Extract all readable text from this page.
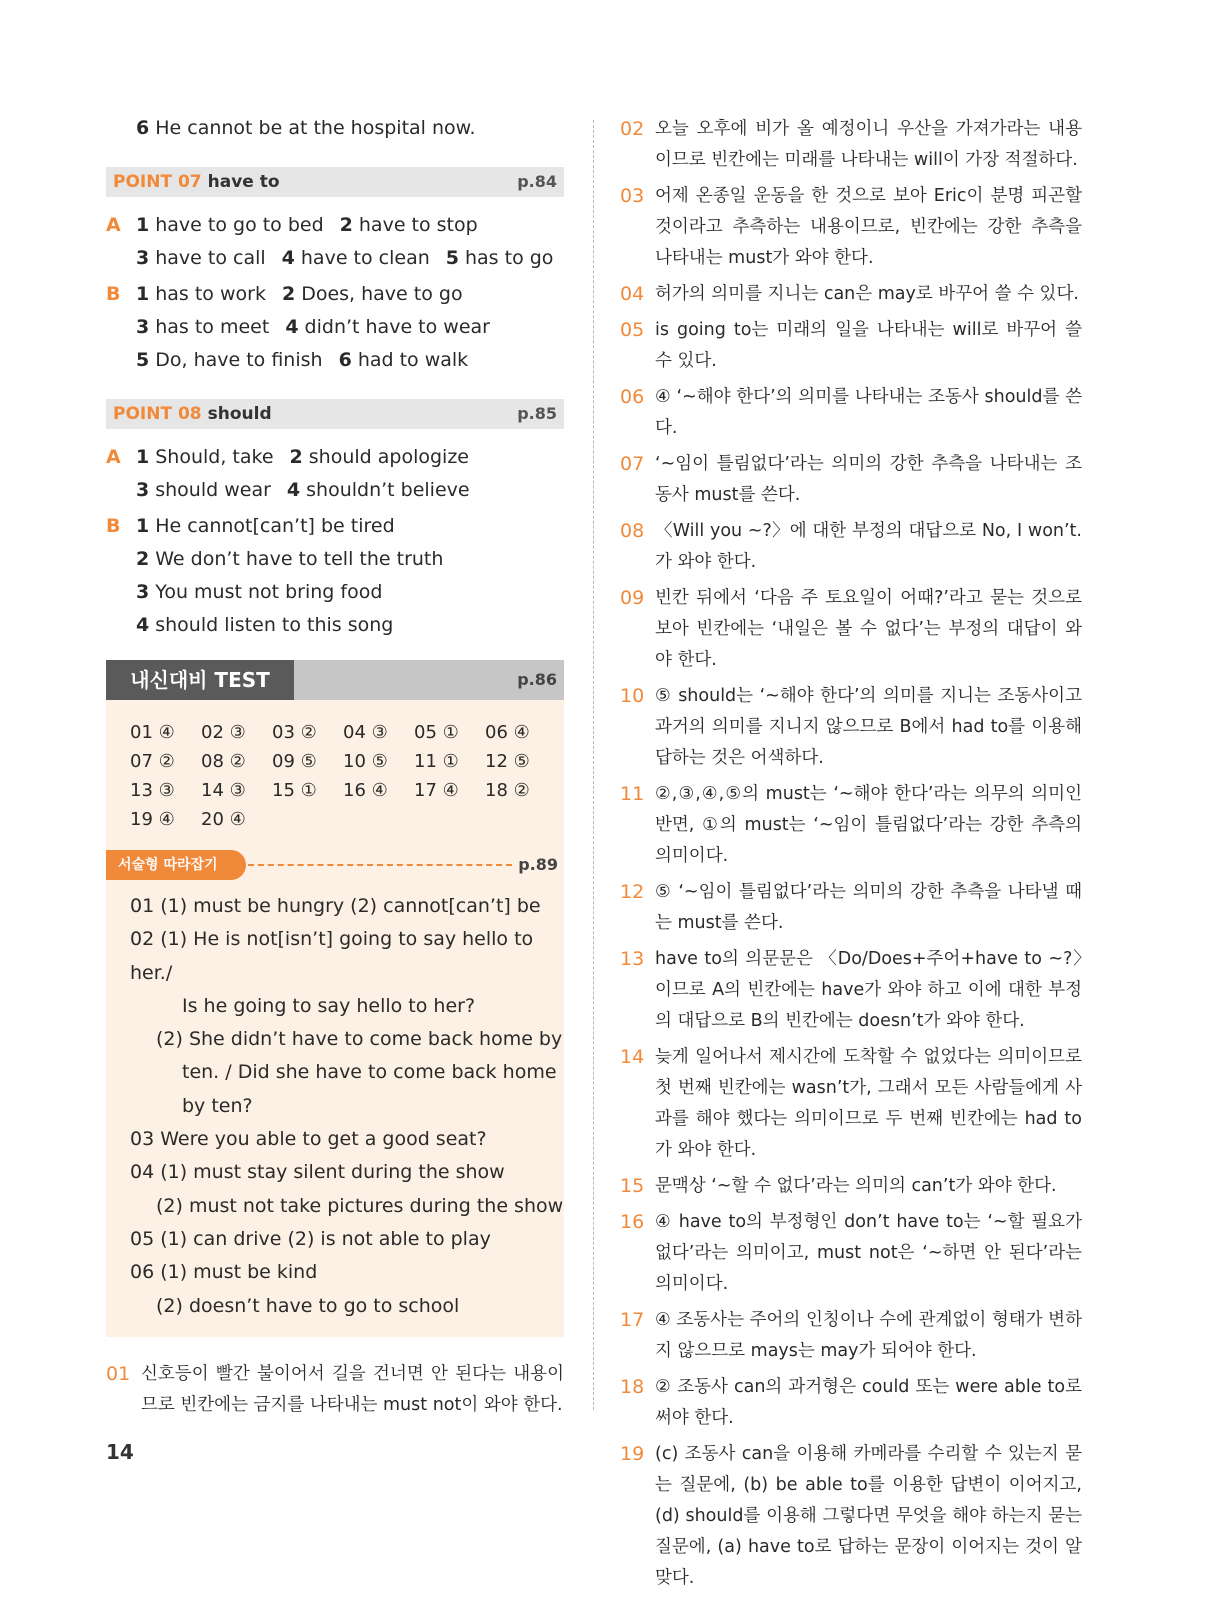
6 He cannot be at the hospital now.
POINT 07 have to	p.84
A 1 have to go to bed 2 have to stop
3 have to call 4 have to clean 5 has to go
B 1 has to work 2 Does, have to go
3 has to meet 4 didn’t have to wear
5 Do, have to finish 6 had to walk
POINT 08 should	p.85
A 1 Should, take 2 should apologize
3 should wear 4 shouldn’t believe
B 1 He cannot[can’t] be tired
2 We don’t have to tell the truth
3 You must not bring food
4 should listen to this song
내신대비 TEST	p.86
01 ④	02 ③	03 ②	04 ③	05 ①	06 ④
07 ②	08 ②	09 ⑤	10 ⑤	11 ①	12 ⑤
13 ③	14 ③	15 ①	16 ④	17 ④	18 ②
19 ④	20 ④
서술형 따라잡기	p.89
01 (1) must be hungry (2) cannot[can’t] be
02 (1) He is not[isn’t] going to say hello to her./
Is he going to say hello to her?
(2) She didn’t have to come back home by
ten. / Did she have to come back home
by ten?
03 Were you able to get a good seat?
04 (1) must stay silent during the show
(2) must not take pictures during the show
05 (1) can drive (2) is not able to play
06 (1) must be kind
(2) doesn’t have to go to school
01 신호등이 빨간 불이어서 길을 건너면 안 된다는 내용이므로 빈칸에는 금지를 나타내는 must not이 와야 한다.
02 오늘 오후에 비가 올 예정이니 우산을 가져가라는 내용이므로 빈칸에는 미래를 나타내는 will이 가장 적절하다.
03 어제 온종일 운동을 한 것으로 보아 Eric이 분명 피곤할 것이라고 추측하는 내용이므로, 빈칸에는 강한 추측을 나타내는 must가 와야 한다.
04 허가의 의미를 지니는 can은 may로 바꾸어 쓸 수 있다.
05 is going to는 미래의 일을 나타내는 will로 바꾸어 쓸 수 있다.
06 ④ ‘~해야 한다’의 의미를 나타내는 조동사 should를 쓴다.
07 ‘~임이 틀림없다’라는 의미의 강한 추측을 나타내는 조동사 must를 쓴다.
08 〈Will you ~?〉에 대한 부정의 대답으로 No, I won’t.가 와야 한다.
09 빈칸 뒤에서 ‘다음 주 토요일이 어때?’라고 묻는 것으로 보아 빈칸에는 ‘내일은 볼 수 없다’는 부정의 대답이 와야 한다.
10 ⑤ should는 ‘~해야 한다’의 의미를 지니는 조동사이고 과거의 의미를 지니지 않으므로 B에서 had to를 이용해 답하는 것은 어색하다.
11 ②,③,④,⑤의 must는 ‘~해야 한다’라는 의무의 의미인 반면, ①의 must는 ‘~임이 틀림없다’라는 강한 추측의 의미이다.
12 ⑤ ‘~임이 틀림없다’라는 의미의 강한 추측을 나타낼 때는 must를 쓴다.
13 have to의 의문문은 〈Do/Does+주어+have to ~?〉이므로 A의 빈칸에는 have가 와야 하고 이에 대한 부정의 대답으로 B의 빈칸에는 doesn’t가 와야 한다.
14 늦게 일어나서 제시간에 도착할 수 없었다는 의미이므로 첫 번째 빈칸에는 wasn’t가, 그래서 모든 사람들에게 사과를 해야 했다는 의미이므로 두 번째 빈칸에는 had to가 와야 한다.
15 문맥상 ‘~할 수 없다’라는 의미의 can’t가 와야 한다.
16 ④ have to의 부정형인 don’t have to는 ‘~할 필요가 없다’라는 의미이고, must not은 ‘~하면 안 된다’라는 의미이다.
17 ④ 조동사는 주어의 인칭이나 수에 관계없이 형태가 변하지 않으므로 mays는 may가 되어야 한다.
18 ② 조동사 can의 과거형은 could 또는 were able to로 써야 한다.
19 (c) 조동사 can을 이용해 카메라를 수리할 수 있는지 묻는 질문에, (b) be able to를 이용한 답변이 이어지고, (d) should를 이용해 그렇다면 무엇을 해야 하는지 묻는 질문에, (a) have to로 답하는 문장이 이어지는 것이 알맞다.
14
